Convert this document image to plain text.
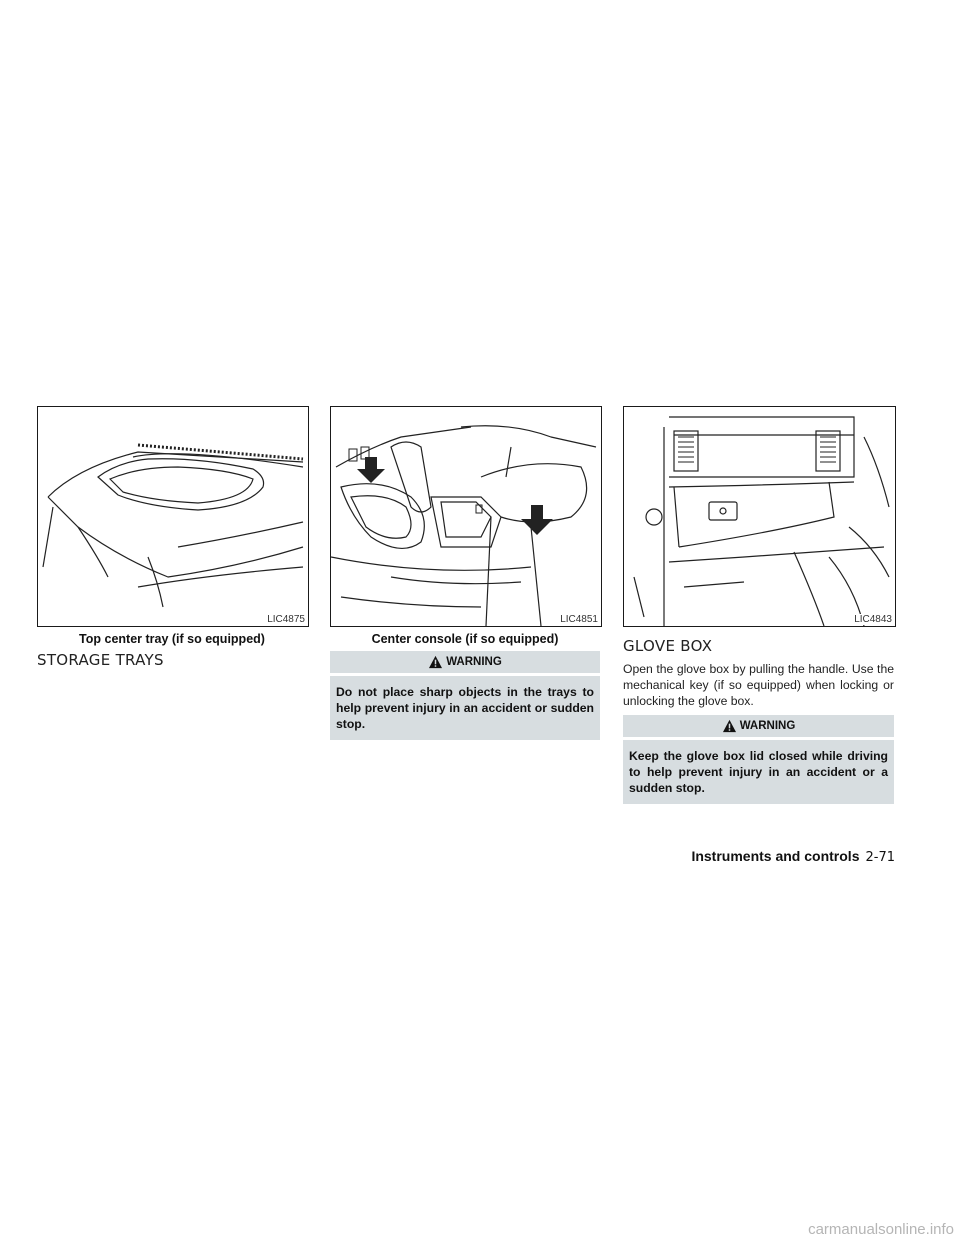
LIC4875
Top center tray (if so equipped)
LIC4851
Center console (if so equipped)
LIC4843
STORAGE TRAYS	WARNING

Do not place sharp objects in the trays to help prevent injury in an accident or sudden stop.

GLOVE BOX

Open the glove box by pulling the handle. Use the mechanical key (if so equipped) when locking or unlocking the glove box.

WARNING

Keep the glove box lid closed while driving to help prevent injury in an accident or a sudden stop.

Instruments and controls 2-71
carmanualsonline.info
